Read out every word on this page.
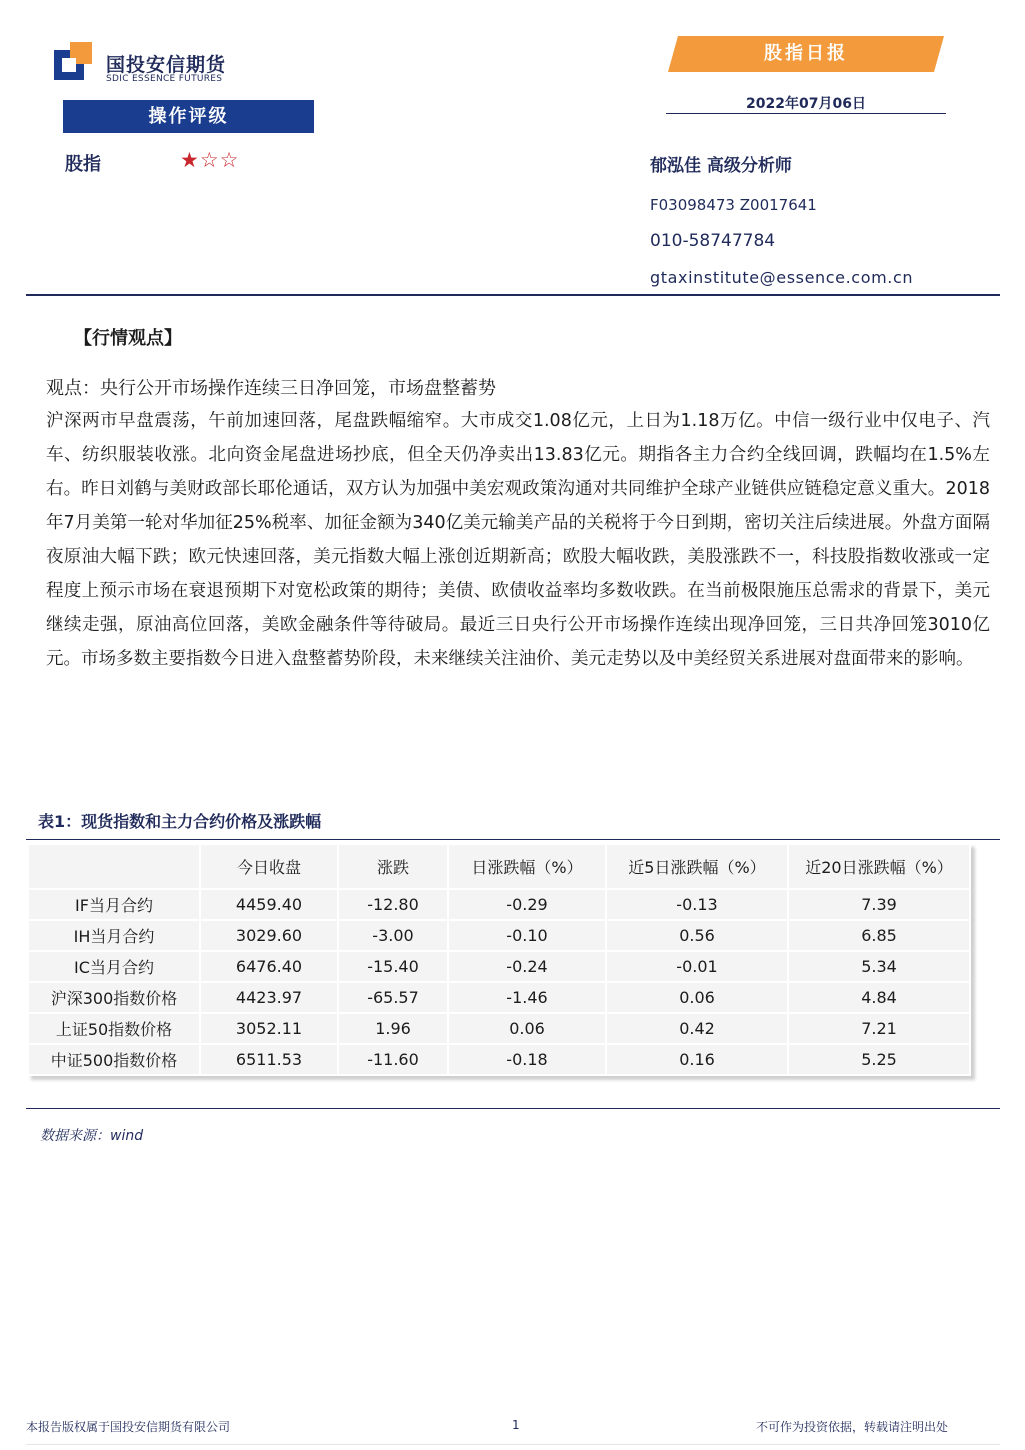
国投安信期货
SDIC ESSENCE FUTURES
股指日报
2022年07月06日
操作评级
股指	★☆☆	郁泓佳 高级分析师
F03098473 Z0017641
010-58747784
gtaxinstitute@essence.com.cn
【行情观点】
观点：央行公开市场操作连续三日净回笼，市场盘整蓄势
沪深两市早盘震荡，午前加速回落，尾盘跌幅缩窄。大市成交1.08亿元，上日为1.18万亿。中信一级行业中仅电子、汽车、纺织服装收涨。北向资金尾盘进场抄底，但全天仍净卖出13.83亿元。期指各主力合约全线回调，跌幅均在1.5%左右。昨日刘鹤与美财政部长耶伦通话，双方认为加强中美宏观政策沟通对共同维护全球产业链供应链稳定意义重大。2018年7月美第一轮对华加征25%税率、加征金额为340亿美元输美产品的关税将于今日到期，密切关注后续进展。外盘方面隔夜原油大幅下跌；欧元快速回落，美元指数大幅上涨创近期新高；欧股大幅收跌，美股涨跌不一，科技股指数收涨或一定程度上预示市场在衰退预期下对宽松政策的期待；美债、欧债收益率均多数收跌。在当前极限施压总需求的背景下，美元继续走强，原油高位回落，美欧金融条件等待破局。最近三日央行公开市场操作连续出现净回笼，三日共净回笼3010亿元。市场多数主要指数今日进入盘整蓄势阶段，未来继续关注油价、美元走势以及中美经贸关系进展对盘面带来的影响。
表1：现货指数和主力合约价格及涨跌幅
	今日收盘	涨跌	日涨跌幅（%）	近5日涨跌幅（%）	近20日涨跌幅（%）
IF当月合约	4459.40	-12.80	-0.29	-0.13	7.39
IH当月合约	3029.60	-3.00	-0.10	0.56	6.85
IC当月合约	6476.40	-15.40	-0.24	-0.01	5.34
沪深300指数价格	4423.97	-65.57	-1.46	0.06	4.84
上证50指数价格	3052.11	1.96	0.06	0.42	7.21
中证500指数价格	6511.53	-11.60	-0.18	0.16	5.25
数据来源：wind
本报告版权属于国投安信期货有限公司	1	不可作为投资依据，转载请注明出处
